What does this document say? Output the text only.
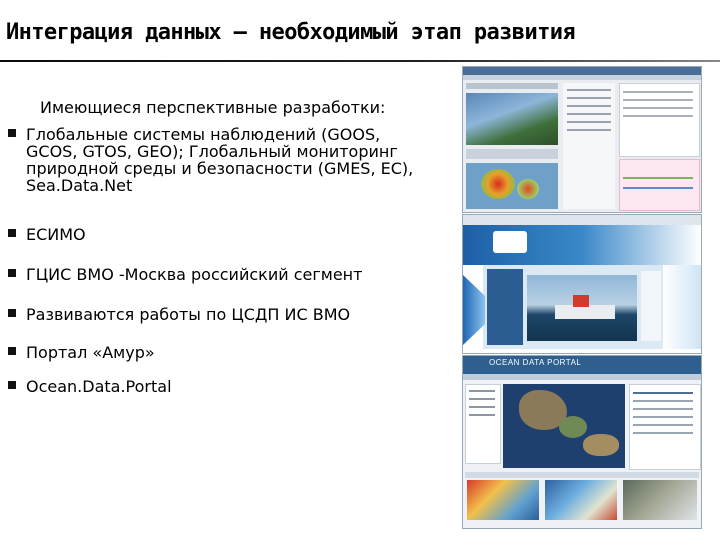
Интеграция данных – необходимый этап развития
Имеющиеся перспективные разработки:
Глобальные системы наблюдений (GOOS,
GCOS, GTOS, GEO); Глобальный мониторинг
природной среды и безопасности (GMES, EC),
Sea.Data.Net
ЕСИМО
ГЦИС ВМО -Москва российский сегмент
Развиваются работы по ЦСДП ИС ВМО
Портал «Амур»
Ocean.Data.Portal
OCEAN DATA PORTAL
